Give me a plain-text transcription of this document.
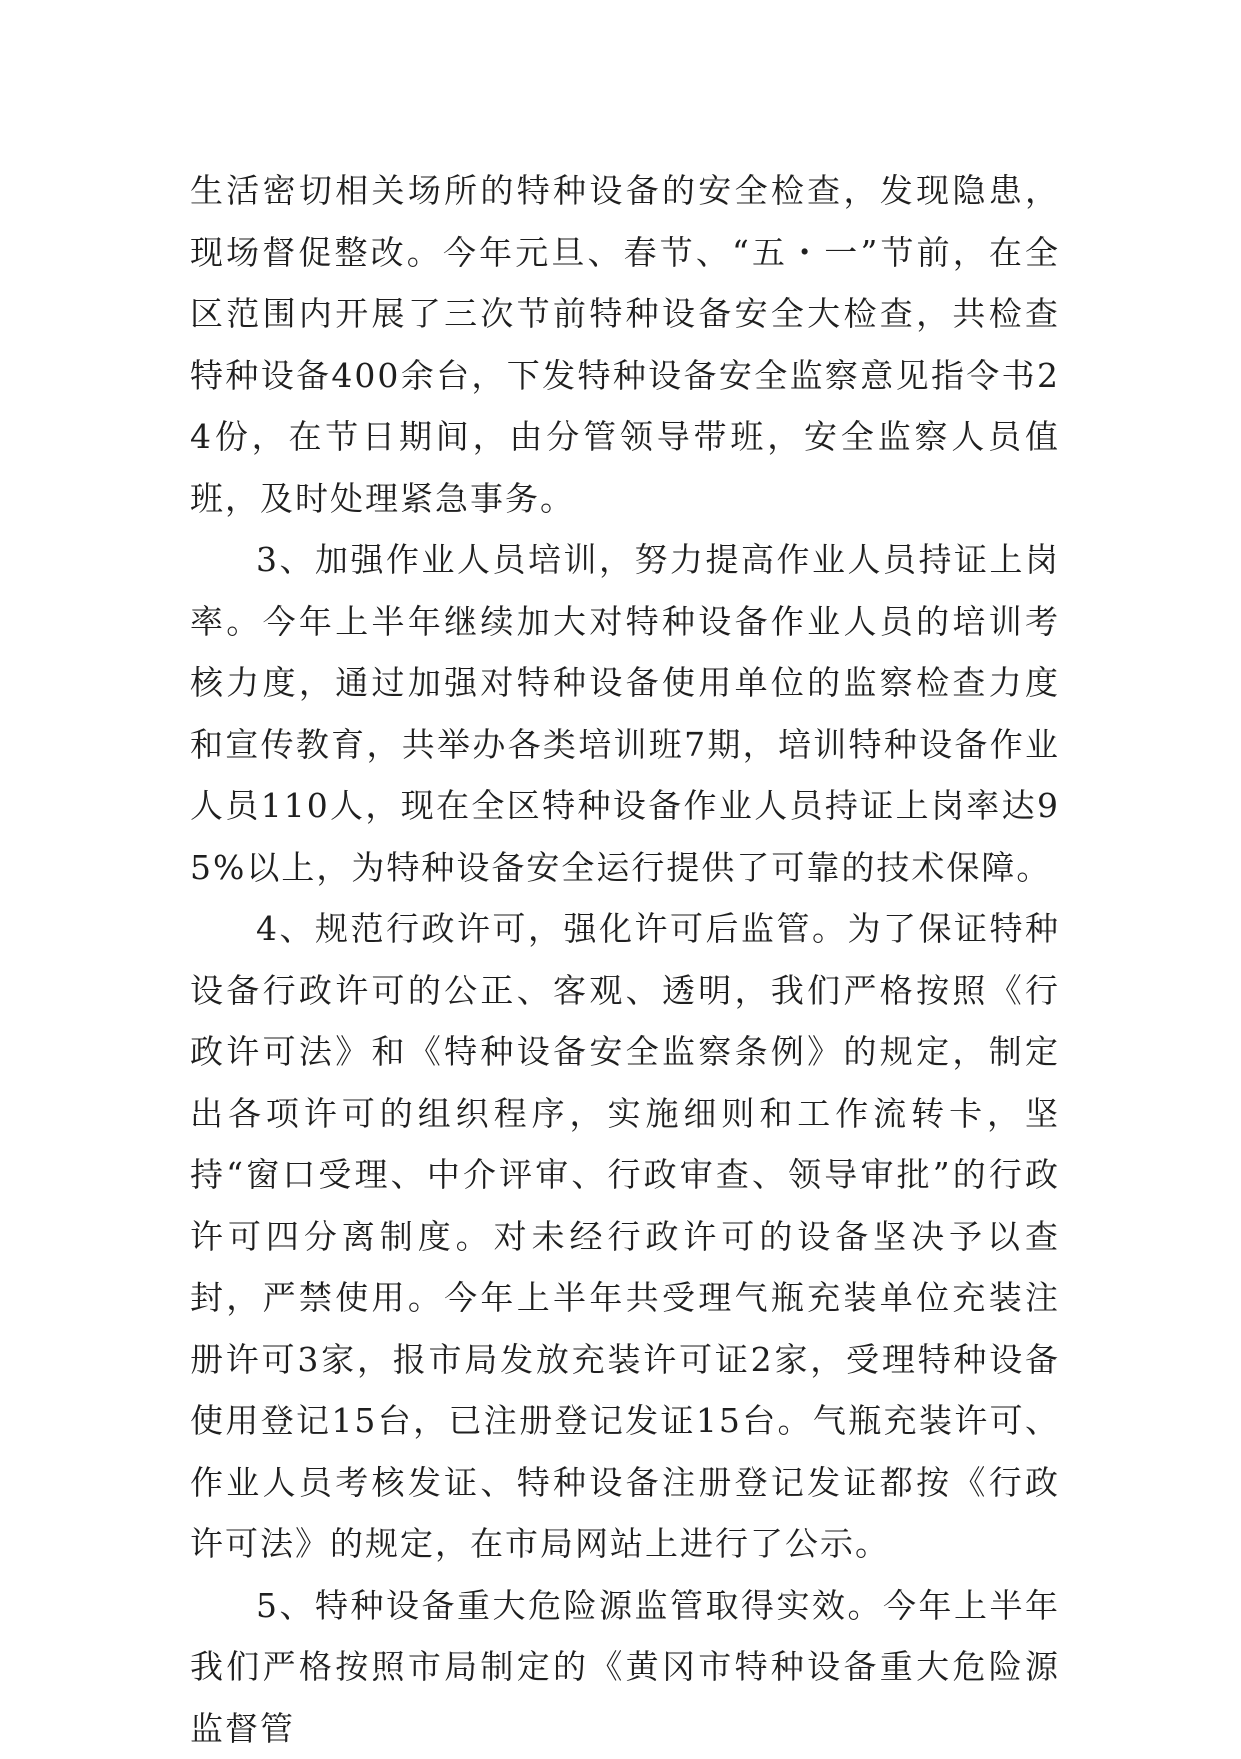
生活密切相关场所的特种设备的安全检查，发现隐患，现场督促整改。今年元旦、春节、“五・一”节前，在全区范围内开展了三次节前特种设备安全大检查，共检查特种设备400余台，下发特种设备安全监察意见指令书24份，在节日期间，由分管领导带班，安全监察人员值班，及时处理紧急事务。

3、加强作业人员培训，努力提高作业人员持证上岗率。今年上半年继续加大对特种设备作业人员的培训考核力度，通过加强对特种设备使用单位的监察检查力度和宣传教育，共举办各类培训班7期，培训特种设备作业人员110人，现在全区特种设备作业人员持证上岗率达95%以上，为特种设备安全运行提供了可靠的技术保障。

4、规范行政许可，强化许可后监管。为了保证特种设备行政许可的公正、客观、透明，我们严格按照《行政许可法》和《特种设备安全监察条例》的规定，制定出各项许可的组织程序，实施细则和工作流转卡，坚持“窗口受理、中介评审、行政审查、领导审批”的行政许可四分离制度。对未经行政许可的设备坚决予以查封，严禁使用。今年上半年共受理气瓶充装单位充装注册许可3家，报市局发放充装许可证2家，受理特种设备使用登记15台，已注册登记发证15台。气瓶充装许可、作业人员考核发证、特种设备注册登记发证都按《行政许可法》的规定，在市局网站上进行了公示。

5、特种设备重大危险源监管取得实效。今年上半年我们严格按照市局制定的《黄冈市特种设备重大危险源监督管
